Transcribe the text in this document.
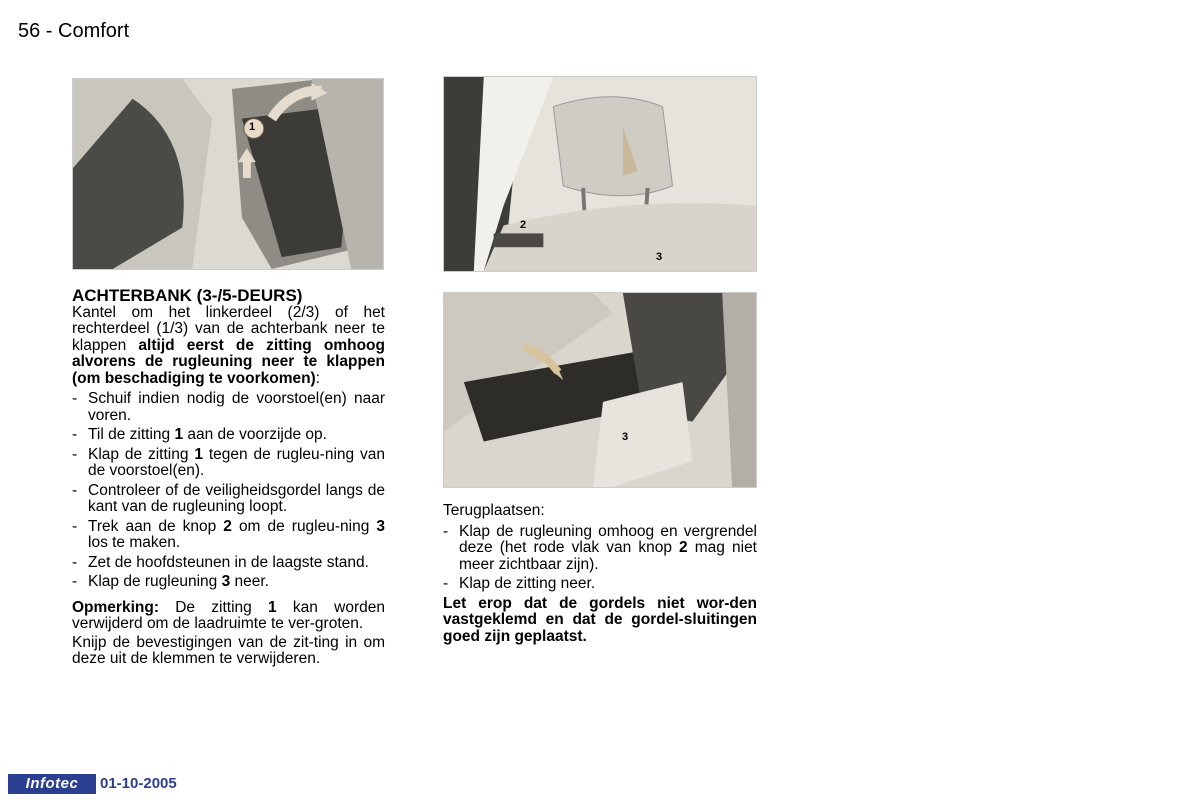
56 - Comfort
1
2
3
3

ACHTERBANK (3-/5-DEURS)

Kantel om het linkerdeel (2/3) of het rechterdeel (1/3) van de achterbank neer te klappen altijd eerst de zitting omhoog alvorens de rugleuning neer te klappen (om beschadiging te voorkomen):

- Schuif indien nodig de voorstoel(en) naar voren.
- Til de zitting 1 aan de voorzijde op.
- Klap de zitting 1 tegen de rugleu-ning van de voorstoel(en).
- Controleer of de veiligheidsgordel langs de kant van de rugleuning loopt.
- Trek aan de knop 2 om de rugleu-ning 3 los te maken.
- Zet de hoofdsteunen in de laagste stand.
- Klap de rugleuning 3 neer.

Opmerking: De zitting 1 kan worden verwijderd om de laadruimte te ver-groten.

Knijp de bevestigingen van de zit-ting in om deze uit de klemmen te verwijderen.

Terugplaatsen:

- Klap de rugleuning omhoog en vergrendel deze (het rode vlak van knop 2 mag niet meer zichtbaar zijn).
- Klap de zitting neer.

Let erop dat de gordels niet wor-den vastgeklemd en dat de gordel-sluitingen goed zijn geplaatst.

Infotec	01-10-2005
